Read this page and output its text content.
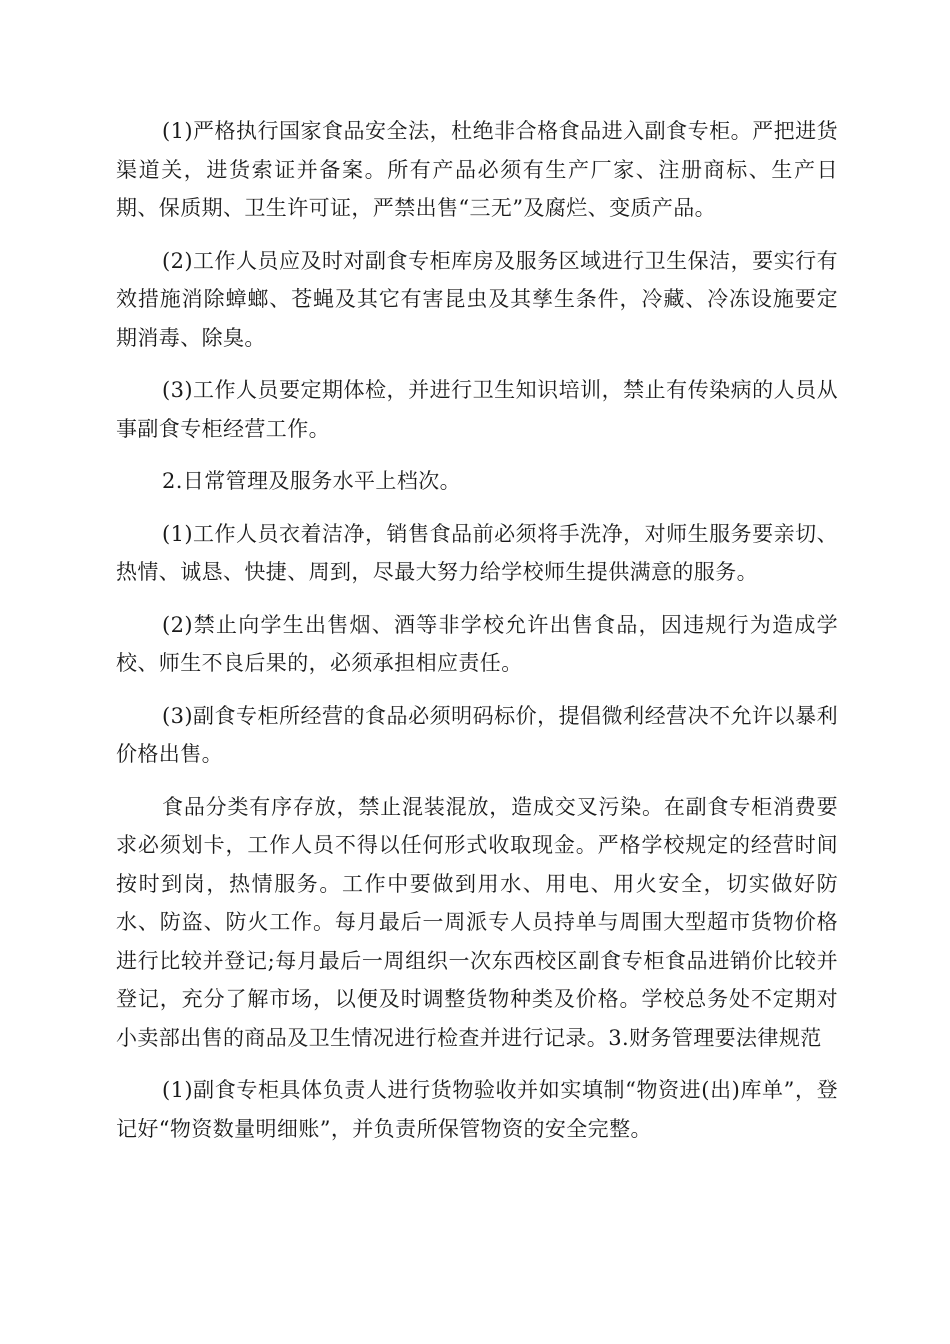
(1)严格执行国家食品安全法，杜绝非合格食品进入副食专柜。严把进货渠道关，进货索证并备案。所有产品必须有生产厂家、注册商标、生产日期、保质期、卫生许可证，严禁出售“三无”及腐烂、变质产品。

(2)工作人员应及时对副食专柜库房及服务区域进行卫生保洁，要实行有效措施消除蟑螂、苍蝇及其它有害昆虫及其孳生条件，冷藏、冷冻设施要定期消毒、除臭。

(3)工作人员要定期体检，并进行卫生知识培训，禁止有传染病的人员从事副食专柜经营工作。

2.日常管理及服务水平上档次。

(1)工作人员衣着洁净，销售食品前必须将手洗净，对师生服务要亲切、热情、诚恳、快捷、周到，尽最大努力给学校师生提供满意的服务。

(2)禁止向学生出售烟、酒等非学校允许出售食品，因违规行为造成学校、师生不良后果的，必须承担相应责任。

(3)副食专柜所经营的食品必须明码标价，提倡微利经营决不允许以暴利价格出售。

食品分类有序存放，禁止混装混放，造成交叉污染。在副食专柜消费要求必须划卡，工作人员不得以任何形式收取现金。严格学校规定的经营时间按时到岗，热情服务。工作中要做到用水、用电、用火安全，切实做好防水、防盗、防火工作。每月最后一周派专人员持单与周围大型超市货物价格进行比较并登记;每月最后一周组织一次东西校区副食专柜食品进销价比较并登记，充分了解市场，以便及时调整货物种类及价格。学校总务处不定期对小卖部出售的商品及卫生情况进行检查并进行记录。3.财务管理要法律规范

(1)副食专柜具体负责人进行货物验收并如实填制“物资进(出)库单”，登记好“物资数量明细账”，并负责所保管物资的安全完整。
